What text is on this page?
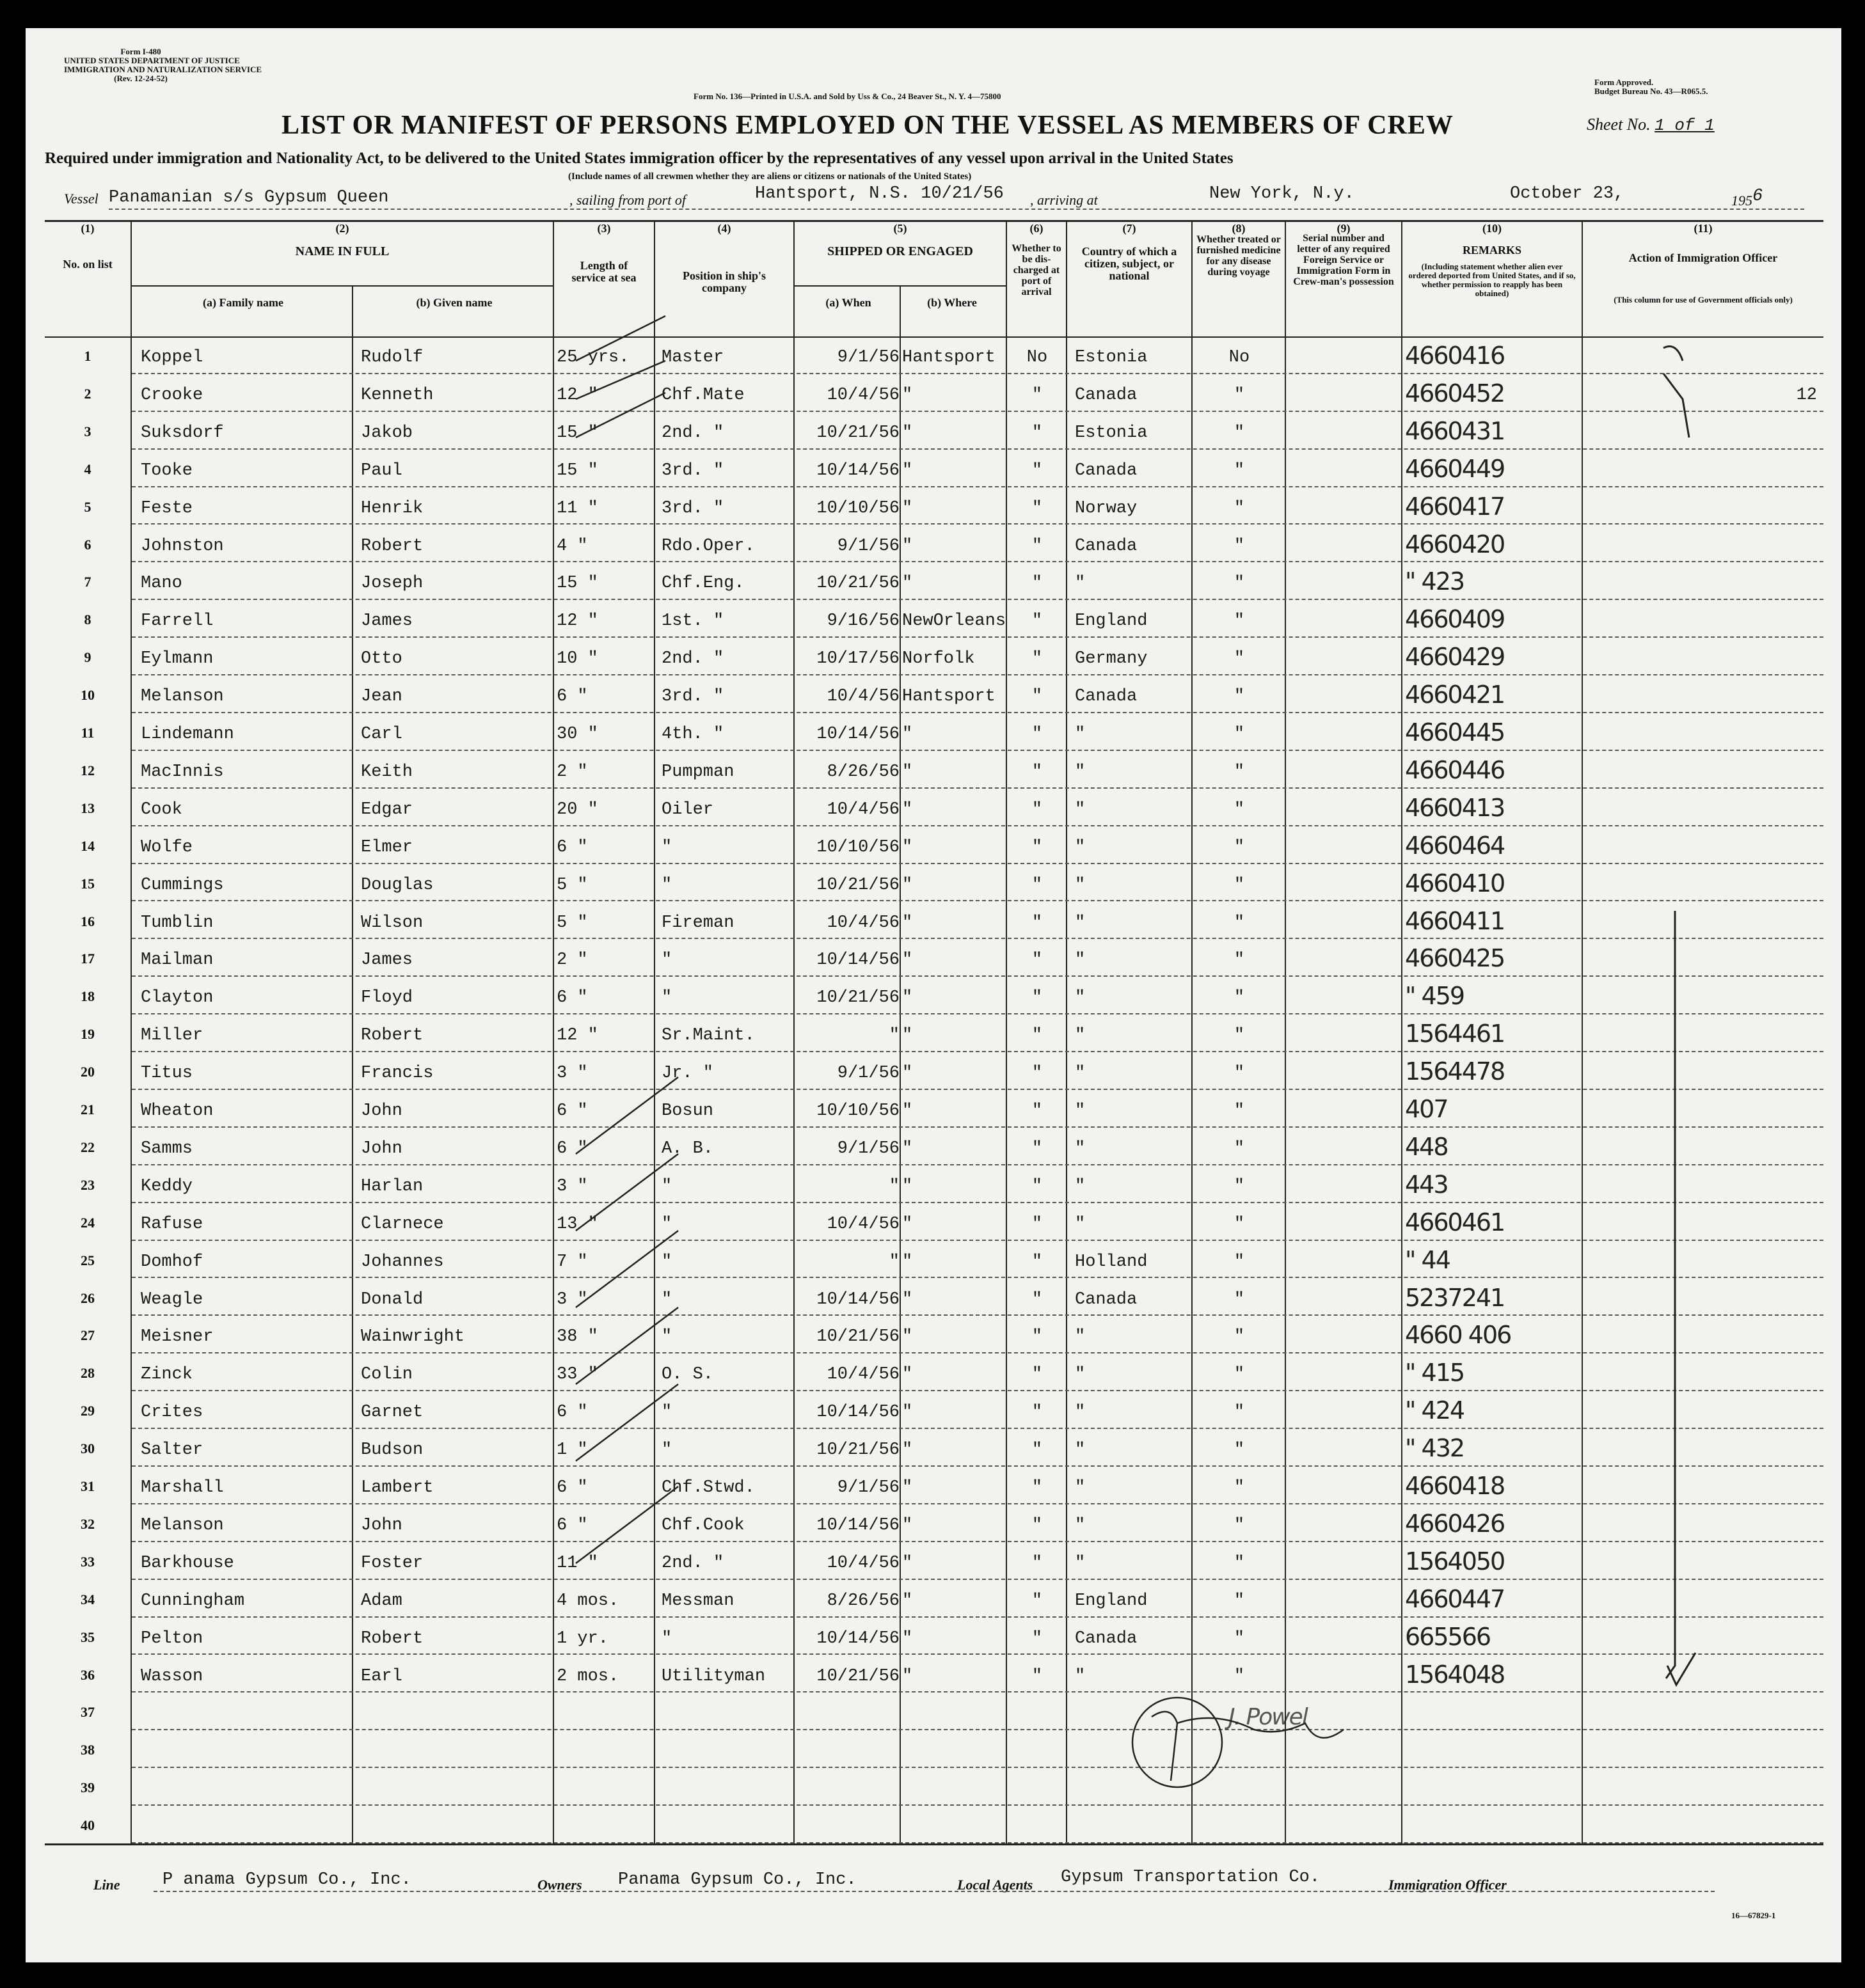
Form I-480
UNITED STATES DEPARTMENT OF JUSTICE
IMMIGRATION AND NATURALIZATION SERVICE
(Rev. 12-24-52)
Form No. 136—Printed in U.S.A. and Sold by Uss & Co., 24 Beaver St., N. Y. 4—75800
Form Approved.
Budget Bureau No. 43—R065.5.
LIST OR MANIFEST OF PERSONS EMPLOYED ON THE VESSEL AS MEMBERS OF CREW	Sheet No. 1 of 1
Required under immigration and Nationality Act, to be delivered to the United States immigration officer by the representatives of any vessel upon arrival in the United States
(Include names of all crewmen whether they are aliens or citizens or nationals of the United States)
Vessel Panamanian s/s Gypsum Queen	, sailing from port of	Hantsport, N.S. 10/21/56 , arriving at	New York, N.y.	October 23,	1956
(1)
No. on list
(2)
NAME IN FULL
(a) Family name	(b) Given name
(3)
Length of service at sea
(4)
Position in ship's company
(5)
SHIPPED OR ENGAGED
(a) When	(b) Where
(6)
Whether to be dis-charged at port of arrival
(7)
Country of which a citizen, subject, or national
(8)
Whether treated or furnished medicine for any disease during voyage
(9)
Serial number and letter of any required Foreign Service or Immigration Form in Crew-man's possession
(10)
REMARKS
(Including statement whether alien ever ordered deported from United States, and if so, whether permission to reapply has been obtained)
(11)
Action of Immigration Officer
(This column for use of Government officials only)
1	Koppel	Rudolf	25 yrs.	Master	9/1/56 Hantsport	No	Estonia	No	4660416
2	Crooke	Kenneth	12 "	Chf.Mate	10/4/56 "	"	Canada	"	4660452	12
3	Suksdorf	Jakob	15 "	2nd. "	10/21/56 "	"	Estonia	"	4660431
4	Tooke	Paul	15 "	3rd. "	10/14/56 "	"	Canada	"	4660449
5	Feste	Henrik	11 "	3rd. "	10/10/56 "	"	Norway	"	4660417
6	Johnston	Robert	4 "	Rdo.Oper.	9/1/56 "	"	Canada	"	4660420
7	Mano	Joseph	15 "	Chf.Eng.	10/21/56 "	"	"	"	" 423
8	Farrell	James	12 "	1st. "	9/16/56 NewOrleans	"	England	"	4660409
9	Eylmann	Otto	10 "	2nd. "	10/17/56 Norfolk	"	Germany	"	4660429
10	Melanson	Jean	6 "	3rd. "	10/4/56 Hantsport	"	Canada	"	4660421
11	Lindemann	Carl	30 "	4th. "	10/14/56 "	"	"	"	4660445
12	MacInnis	Keith	2 "	Pumpman	8/26/56 "	"	"	"	4660446
13	Cook	Edgar	20 "	Oiler	10/4/56 "	"	"	"	4660413
14	Wolfe	Elmer	6 "	"	10/10/56 "	"	"	"	4660464
15	Cummings	Douglas	5 "	"	10/21/56 "	"	"	"	4660410
16	Tumblin	Wilson	5 "	Fireman	10/4/56 "	"	"	"	4660411
17	Mailman	James	2 "	"	10/14/56 "	"	"	"	4660425
18	Clayton	Floyd	6 "	"	10/21/56 "	"	"	"	" 459
19	Miller	Robert	12 "	Sr.Maint.	" "	"	"	"	1564461
20	Titus	Francis	3 "	Jr. "	9/1/56 "	"	"	"	1564478
21	Wheaton	John	6 "	Bosun	10/10/56 "	"	"	"	407
22	Samms	John	6 "	A. B.	9/1/56 "	"	"	"	448
23	Keddy	Harlan	3 "	"	" "	"	"	"	443
24	Rafuse	Clarnece	13 "	"	10/4/56 "	"	"	"	4660461
25	Domhof	Johannes	7 "	"	" "	"	Holland	"	" 44
26	Weagle	Donald	3 "	"	10/14/56 "	"	Canada	"	5237241
27	Meisner	Wainwright	38 "	"	10/21/56 "	"	"	"	4660 406
28	Zinck	Colin	33 "	O. S.	10/4/56 "	"	"	"	" 415
29	Crites	Garnet	6 "	"	10/14/56 "	"	"	"	" 424
30	Salter	Budson	1 "	"	10/21/56 "	"	"	"	" 432
31	Marshall	Lambert	6 "	Chf.Stwd.	9/1/56 "	"	"	"	4660418
32	Melanson	John	6 "	Chf.Cook	10/14/56 "	"	"	"	4660426
33	Barkhouse	Foster	11 "	2nd. "	10/4/56 "	"	"	"	1564050
34	Cunningham	Adam	4 mos.	Messman	8/26/56 "	"	England	"	4660447
35	Pelton	Robert	1 yr.	"	10/14/56 "	"	Canada	"	665566
36	Wasson	Earl	2 mos.	Utilityman	10/21/56 "	"	"	"	1564048
37
38
39
40
J. Powel
Line P anama Gypsum Co., Inc.	Owners Panama Gypsum Co., Inc.	Local Agents Gypsum Transportation Co.	Immigration Officer
16—67829-1
